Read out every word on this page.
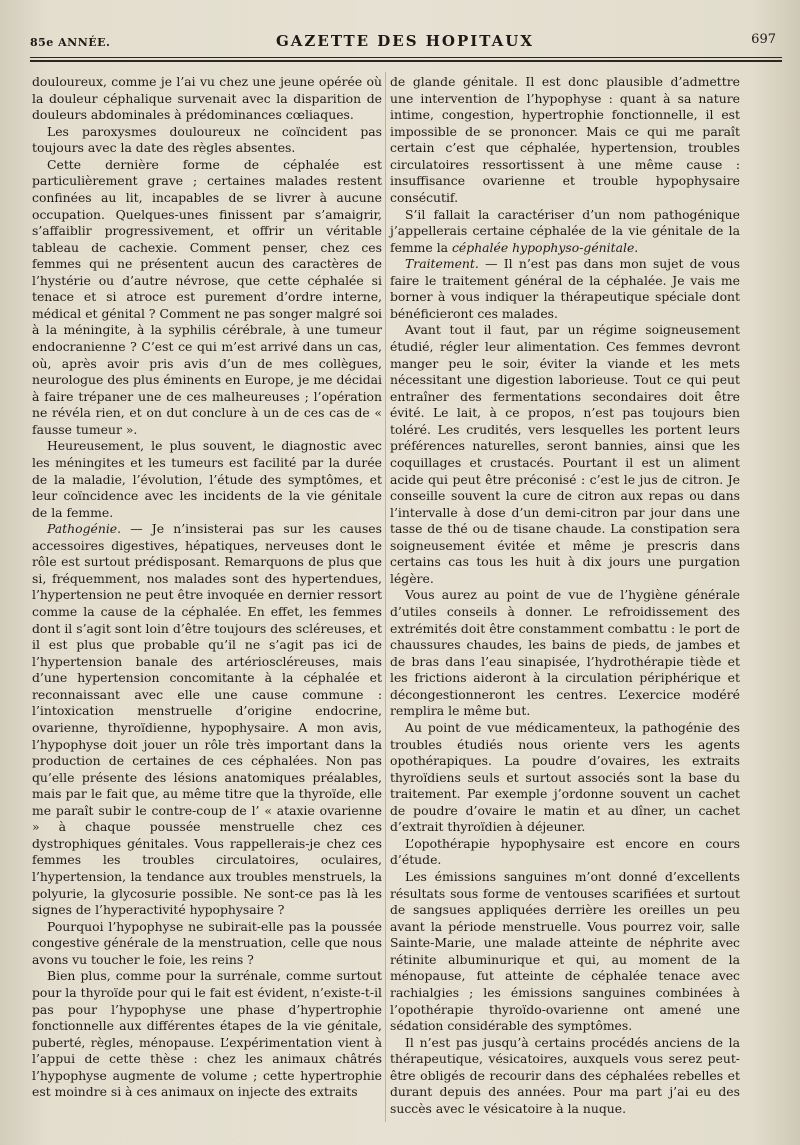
85e ANNÉE.	GAZETTE DES HOPITAUX	697

douloureux, comme je l’ai vu chez une jeune opérée où la douleur céphalique survenait avec la disparition de douleurs abdominales à prédominances cœliaques.

Les paroxysmes douloureux ne coïncident pas toujours avec la date des règles absentes.

Cette dernière forme de céphalée est particulièrement grave ; certaines malades restent confinées au lit, incapables de se livrer à aucune occupation. Quelques-unes finissent par s’amaigrir, s’affaiblir progressivement, et offrir un véritable tableau de cachexie. Comment penser, chez ces femmes qui ne présentent aucun des caractères de l’hystérie ou d’autre névrose, que cette céphalée si tenace et si atroce est purement d’ordre interne, médical et génital ? Comment ne pas songer malgré soi à la méningite, à la syphilis cérébrale, à une tumeur endocranienne ? C’est ce qui m’est arrivé dans un cas, où, après avoir pris avis d’un de mes collègues, neurologue des plus éminents en Europe, je me décidai à faire trépaner une de ces malheureuses ; l’opération ne révéla rien, et on dut conclure à un de ces cas de « fausse tumeur ».

Heureusement, le plus souvent, le diagnostic avec les méningites et les tumeurs est facilité par la durée de la maladie, l’évolution, l’étude des symptômes, et leur coïncidence avec les incidents de la vie génitale de la femme.

Pathogénie. — Je n’insisterai pas sur les causes accessoires digestives, hépatiques, nerveuses dont le rôle est surtout prédisposant. Remarquons de plus que si, fréquemment, nos malades sont des hypertendues, l’hypertension ne peut être invoquée en dernier ressort comme la cause de la céphalée. En effet, les femmes dont il s’agit sont loin d’être toujours des scléreuses, et il est plus que probable qu’il ne s’agit pas ici de l’hypertension banale des artérioscléreuses, mais d’une hypertension concomitante à la céphalée et reconnaissant avec elle une cause commune : l’intoxication menstruelle d’origine endocrine, ovarienne, thyroïdienne, hypophysaire. A mon avis, l’hypophyse doit jouer un rôle très important dans la production de certaines de ces céphalées. Non pas qu’elle présente des lésions anatomiques préalables, mais par le fait que, au même titre que la thyroïde, elle me paraît subir le contre-coup de l’ « ataxie ovarienne » à chaque poussée menstruelle chez ces dystrophiques génitales. Vous rappellerais-je chez ces femmes les troubles circulatoires, oculaires, l’hypertension, la tendance aux troubles menstruels, la polyurie, la glycosurie possible. Ne sont-ce pas là les signes de l’hyperactivité hypophysaire ?

Pourquoi l’hypophyse ne subirait-elle pas la poussée congestive générale de la menstruation, celle que nous avons vu toucher le foie, les reins ?

Bien plus, comme pour la surrénale, comme surtout pour la thyroïde pour qui le fait est évident, n’existe-t-il pas pour l’hypophyse une phase d’hypertrophie fonctionnelle aux différentes étapes de la vie génitale, puberté, règles, ménopause. L’expérimentation vient à l’appui de cette thèse : chez les animaux châtrés l’hypophyse augmente de volume ; cette hypertrophie est moindre si à ces animaux on injecte des extraits

de glande génitale. Il est donc plausible d’admettre une intervention de l’hypophyse : quant à sa nature intime, congestion, hypertrophie fonctionnelle, il est impossible de se prononcer. Mais ce qui me paraît certain c’est que céphalée, hypertension, troubles circulatoires ressortissent à une même cause : insuffisance ovarienne et trouble hypophysaire consécutif.

S’il fallait la caractériser d’un nom pathogénique j’appellerais certaine céphalée de la vie génitale de la femme la céphalée hypophyso-génitale.

Traitement. — Il n’est pas dans mon sujet de vous faire le traitement général de la céphalée. Je vais me borner à vous indiquer la thérapeutique spéciale dont bénéficieront ces malades.

Avant tout il faut, par un régime soigneusement étudié, régler leur alimentation. Ces femmes devront manger peu le soir, éviter la viande et les mets nécessitant une digestion laborieuse. Tout ce qui peut entraîner des fermentations secondaires doit être évité. Le lait, à ce propos, n’est pas toujours bien toléré. Les crudités, vers lesquelles les portent leurs préférences naturelles, seront bannies, ainsi que les coquillages et crustacés. Pourtant il est un aliment acide qui peut être préconisé : c’est le jus de citron. Je conseille souvent la cure de citron aux repas ou dans l’intervalle à dose d’un demi-citron par jour dans une tasse de thé ou de tisane chaude. La constipation sera soigneusement évitée et même je prescris dans certains cas tous les huit à dix jours une purgation légère.

Vous aurez au point de vue de l’hygiène générale d’utiles conseils à donner. Le refroidissement des extrémités doit être constamment combattu : le port de chaussures chaudes, les bains de pieds, de jambes et de bras dans l’eau sinapisée, l’hydrothérapie tiède et les frictions aideront à la circulation périphérique et décongestionneront les centres. L’exercice modéré remplira le même but.

Au point de vue médicamenteux, la pathogénie des troubles étudiés nous oriente vers les agents opothérapiques. La poudre d’ovaires, les extraits thyroïdiens seuls et surtout associés sont la base du traitement. Par exemple j’ordonne souvent un cachet de poudre d’ovaire le matin et au dîner, un cachet d’extrait thyroïdien à déjeuner.

L’opothérapie hypophysaire est encore en cours d’étude.

Les émissions sanguines m’ont donné d’excellents résultats sous forme de ventouses scarifiées et surtout de sangsues appliquées derrière les oreilles un peu avant la période menstruelle. Vous pourrez voir, salle Sainte-Marie, une malade atteinte de néphrite avec rétinite albuminurique et qui, au moment de la ménopause, fut atteinte de céphalée tenace avec rachialgies ; les émissions sanguines combinées à l’opothérapie thyroïdo-ovarienne ont amené une sédation considérable des symptômes.

Il n’est pas jusqu’à certains procédés anciens de la thérapeutique, vésicatoires, auxquels vous serez peut-être obligés de recourir dans des céphalées rebelles et durant depuis des années. Pour ma part j’ai eu des succès avec le vésicatoire à la nuque.
